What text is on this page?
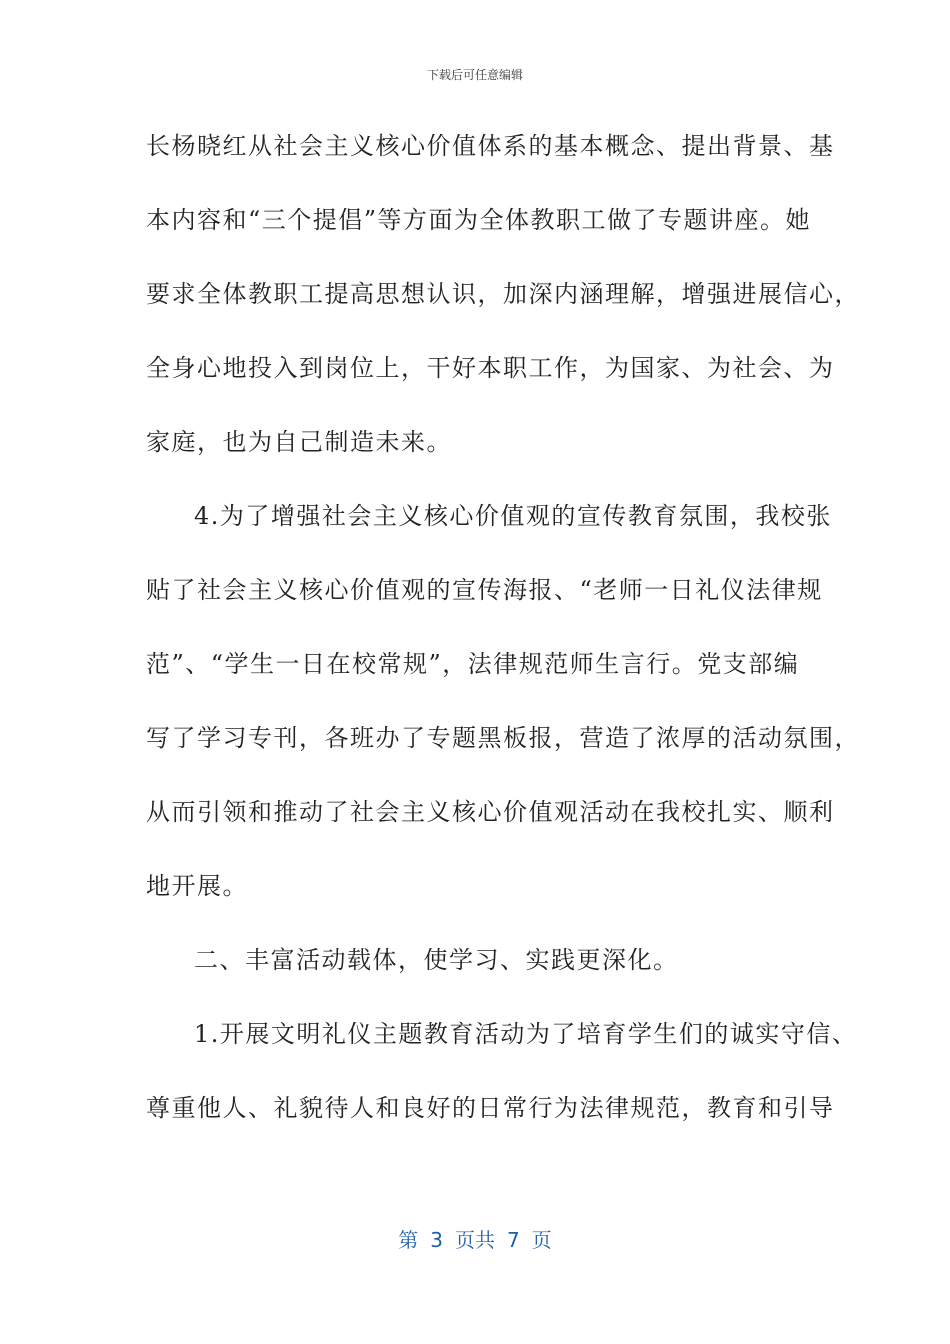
下载后可任意编辑
长杨晓红从社会主义核心价值体系的基本概念、提出背景、基
本内容和“三个提倡”等方面为全体教职工做了专题讲座。她
要求全体教职工提高思想认识，加深内涵理解，增强进展信心，
全身心地投入到岗位上，干好本职工作，为国家、为社会、为
家庭，也为自己制造未来。
4.为了增强社会主义核心价值观的宣传教育氛围，我校张
贴了社会主义核心价值观的宣传海报、“老师一日礼仪法律规
范”、“学生一日在校常规”，法律规范师生言行。党支部编
写了学习专刊，各班办了专题黑板报，营造了浓厚的活动氛围，
从而引领和推动了社会主义核心价值观活动在我校扎实、顺利
地开展。
二、丰富活动载体，使学习、实践更深化。
1.开展文明礼仪主题教育活动为了培育学生们的诚实守信、
尊重他人、礼貌待人和良好的日常行为法律规范，教育和引导
第 3 页共 7 页
